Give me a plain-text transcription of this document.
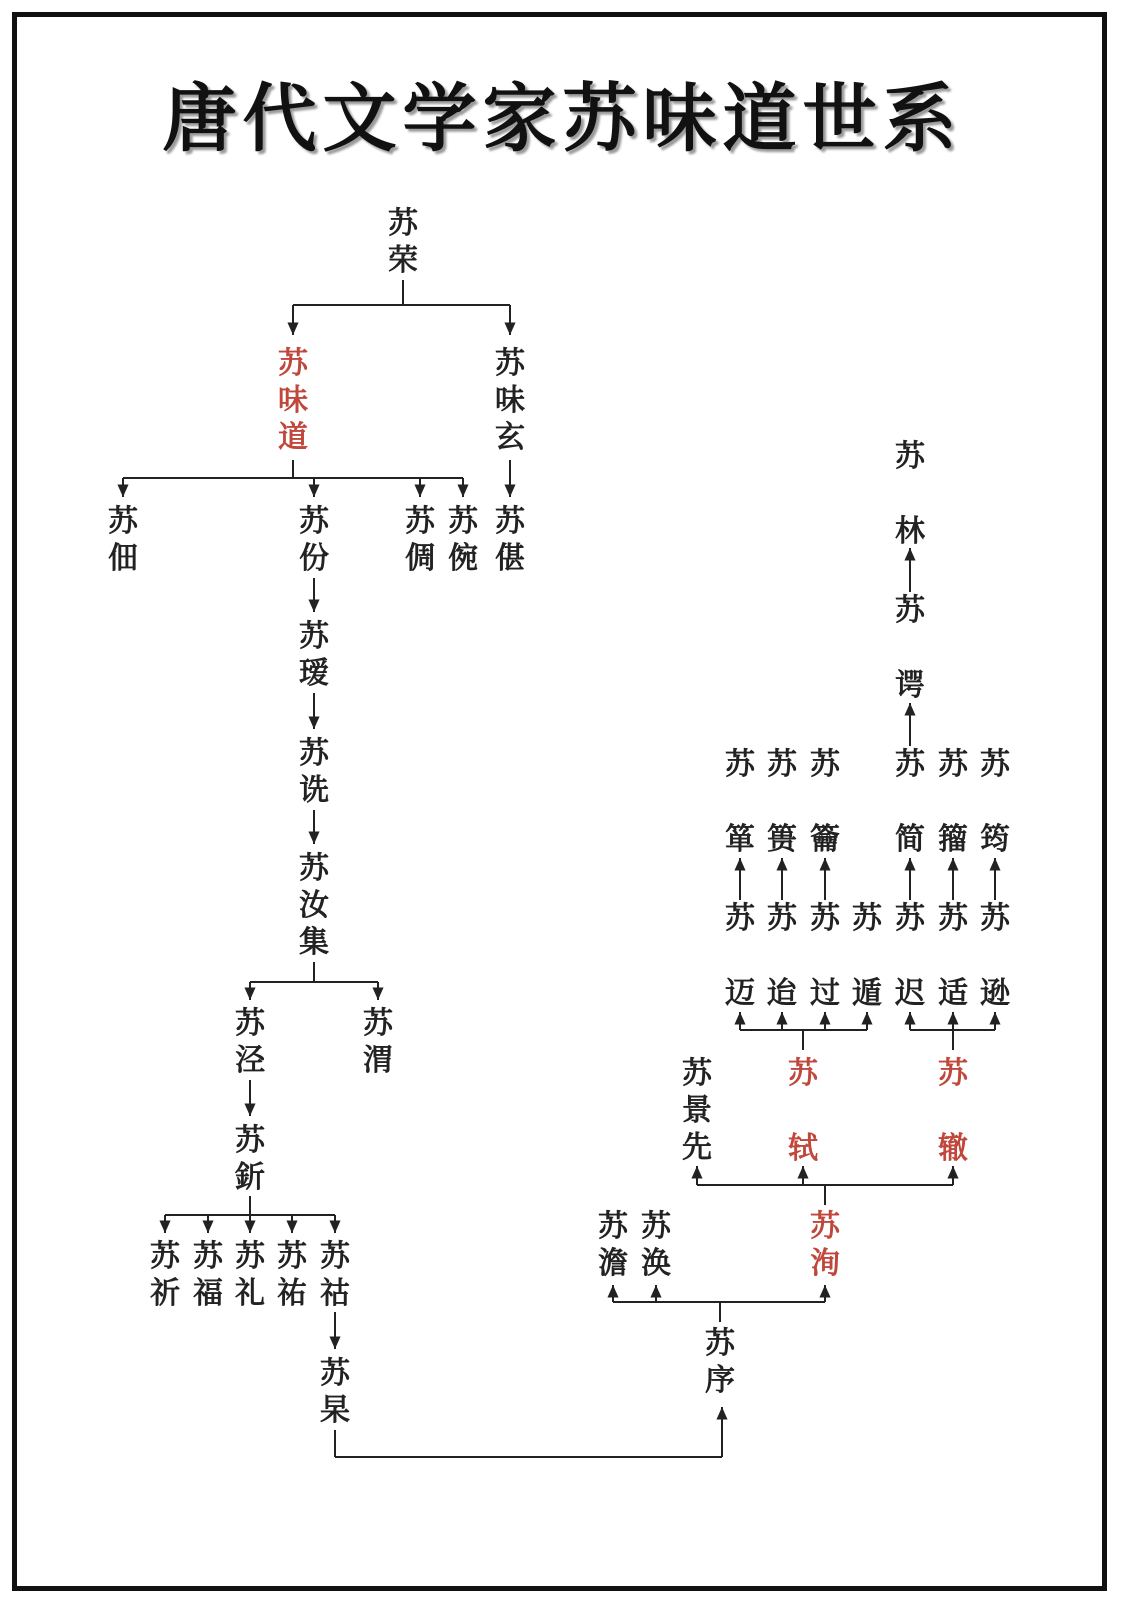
唐代文学家苏味道世系
苏
荣
苏
味
道
苏
味
玄
苏
佃
苏
份
苏
倜
苏
倇
苏
偡
苏
瑷
苏
诜
苏
汝
集
苏
泾
苏
渭
苏
釿
苏
祈
苏
福
苏
礼
苏
祐
苏
祜
苏
杲
苏
序
苏
澹
苏
涣
苏
洵
苏
景
先
苏
轼
苏
辙
苏
迈
苏
迨
苏
过
苏
遁
苏
迟
苏
适
苏
逊
苏
箪
苏
篑
苏
籥
苏
简
苏
籀
苏
筠
苏
谔
苏
林
